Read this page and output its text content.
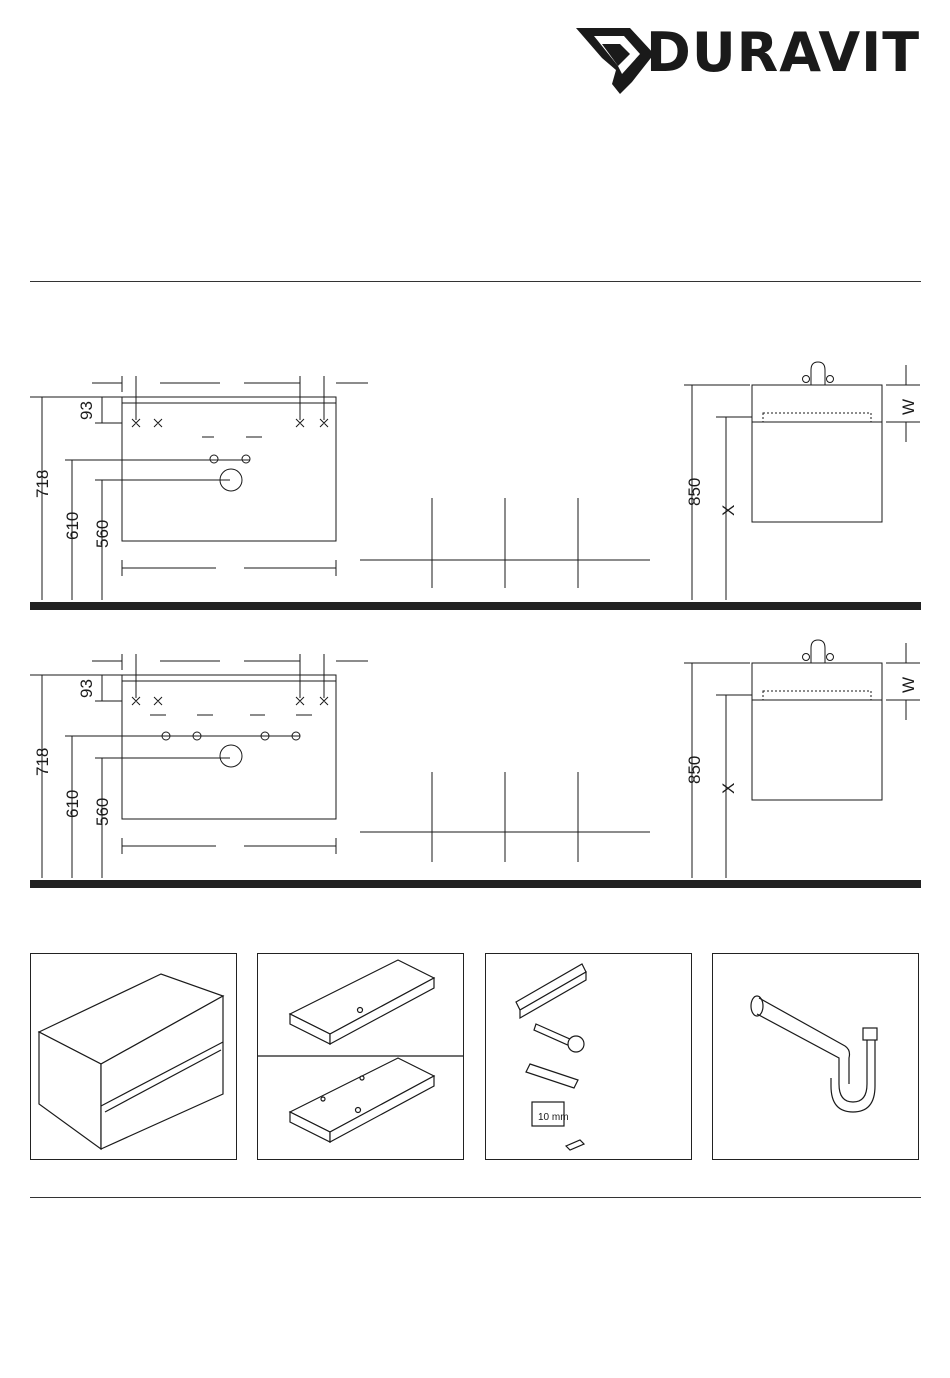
DURAVIT
718
610 560
93
850
X
W
718
610 560
93
850
X
W
10 mm
